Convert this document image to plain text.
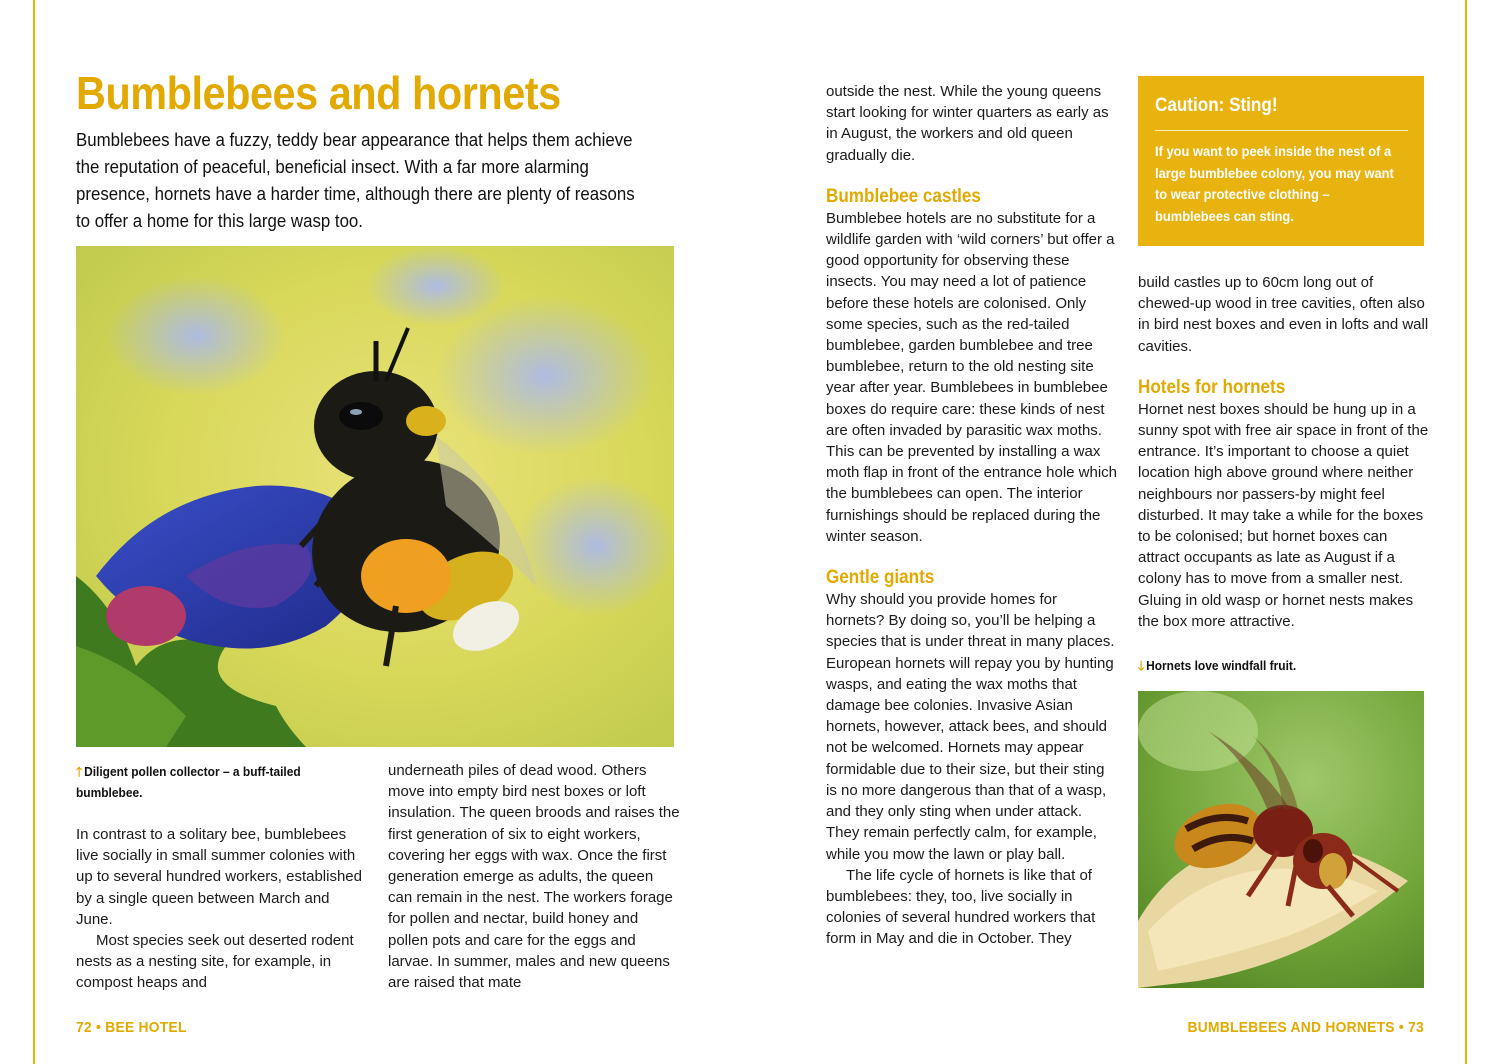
Bumblebees and hornets

Bumblebees have a fuzzy, teddy bear appearance that helps them achieve the reputation of peaceful, beneficial insect. With a far more alarming presence, hornets have a harder time, although there are plenty of reasons to offer a home for this large wasp too.

🡑 Diligent pollen collector – a buff-tailed bumblebee.

In contrast to a solitary bee, bumblebees live socially in small summer colonies with up to several hundred workers, established by a single queen between March and June.

Most species seek out deserted rodent nests as a nesting site, for example, in compost heaps and

underneath piles of dead wood. Others move into empty bird nest boxes or loft insulation. The queen broods and raises the first generation of six to eight workers, covering her eggs with wax. Once the first generation emerge as adults, the queen can remain in the nest. The workers forage for pollen and nectar, build honey and pollen pots and care for the eggs and larvae. In summer, males and new queens are raised that mate

outside the nest. While the young queens start looking for winter quarters as early as in August, the workers and old queen gradually die.

Bumblebee castles

Bumblebee hotels are no substitute for a wildlife garden with ‘wild corners’ but offer a good opportunity for observing these insects. You may need a lot of patience before these hotels are colonised. Only some species, such as the red-tailed bumblebee, garden bumblebee and tree bumblebee, return to the old nesting site year after year. Bumblebees in bumblebee boxes do require care: these kinds of nest are often invaded by parasitic wax moths. This can be prevented by installing a wax moth flap in front of the entrance hole which the bumblebees can open. The interior furnishings should be replaced during the winter season.

Gentle giants

Why should you provide homes for hornets? By doing so, you’ll be helping a species that is under threat in many places. European hornets will repay you by hunting wasps, and eating the wax moths that damage bee colonies. Invasive Asian hornets, however, attack bees, and should not be welcomed. Hornets may appear formidable due to their size, but their sting is no more dangerous than that of a wasp, and they only sting when under attack. They remain perfectly calm, for example, while you mow the lawn or play ball.

The life cycle of hornets is like that of bumblebees: they, too, live socially in colonies of several hundred workers that form in May and die in October. They

Caution: Sting!
If you want to peek inside the nest of a large bumblebee colony, you may want to wear protective clothing – bumblebees can sting.

build castles up to 60cm long out of chewed-up wood in tree cavities, often also in bird nest boxes and even in lofts and wall cavities.

Hotels for hornets

Hornet nest boxes should be hung up in a sunny spot with free air space in front of the entrance. It’s important to choose a quiet location high above ground where neither neighbours nor passers-by might feel disturbed. It may take a while for the boxes to be colonised; but hornet boxes can attract occupants as late as August if a colony has to move from a smaller nest. Gluing in old wasp or hornet nests makes the box more attractive.

🡓 Hornets love windfall fruit.
72 • BEE HOTEL	BUMBLEBEES AND HORNETS • 73
